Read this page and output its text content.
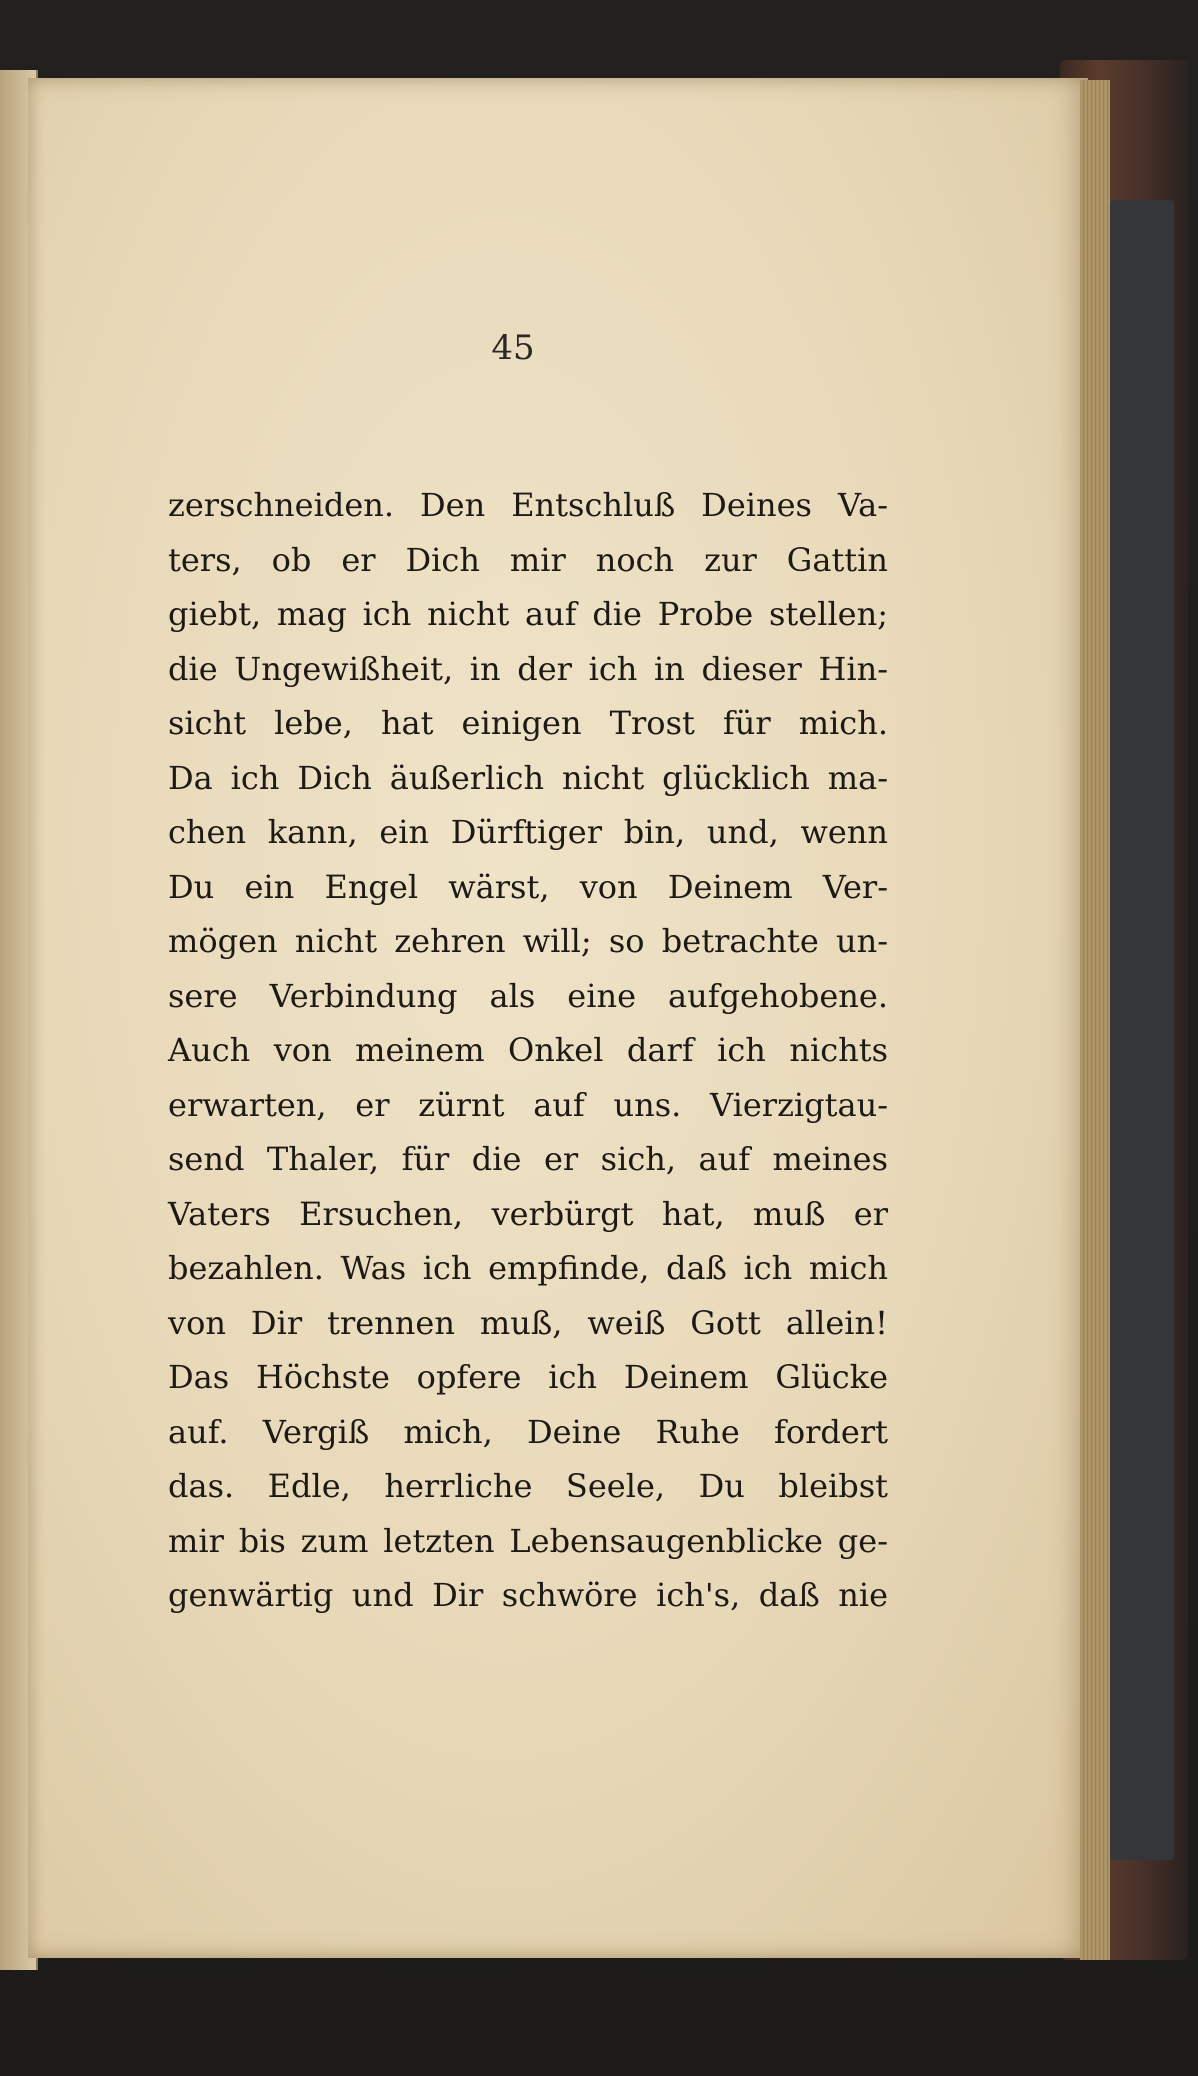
45
zerschneiden. Den Entschluß Deines Va-
ters, ob er Dich mir noch zur Gattin
giebt, mag ich nicht auf die Probe stellen;
die Ungewißheit, in der ich in dieser Hin-
sicht lebe, hat einigen Trost für mich.
Da ich Dich äußerlich nicht glücklich ma-
chen kann, ein Dürftiger bin, und, wenn
Du ein Engel wärst, von Deinem Ver-
mögen nicht zehren will; so betrachte un-
sere Verbindung als eine aufgehobene.
Auch von meinem Onkel darf ich nichts
erwarten, er zürnt auf uns. Vierzigtau-
send Thaler, für die er sich, auf meines
Vaters Ersuchen, verbürgt hat, muß er
bezahlen. Was ich empfinde, daß ich mich
von Dir trennen muß, weiß Gott allein!
Das Höchste opfere ich Deinem Glücke
auf. Vergiß mich, Deine Ruhe fordert
das. Edle, herrliche Seele, Du bleibst
mir bis zum letzten Lebensaugenblicke ge-
genwärtig und Dir schwöre ich's, daß nie
